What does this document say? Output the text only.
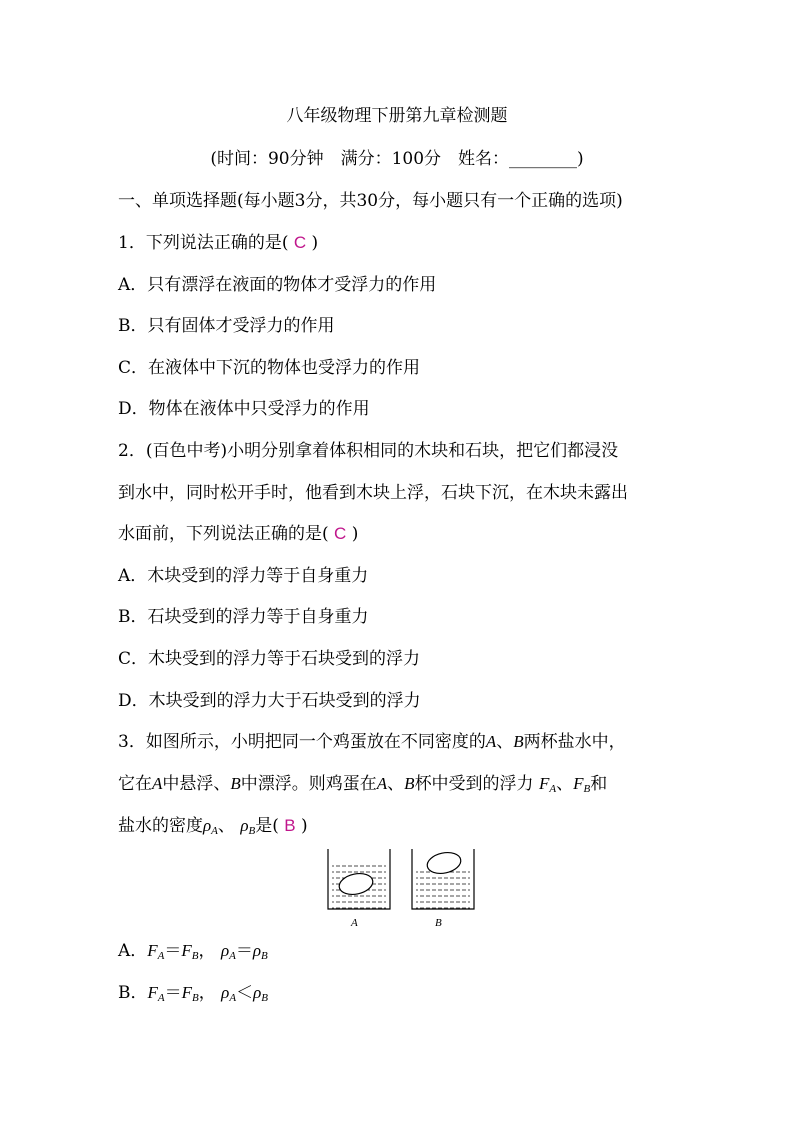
八年级物理下册第九章检测题
(时间：90分钟　满分：100分　姓名：________)
一、单项选择题(每小题3分，共30分，每小题只有一个正确的选项)
1．下列说法正确的是( C )
A．只有漂浮在液面的物体才受浮力的作用
B．只有固体才受浮力的作用
C．在液体中下沉的物体也受浮力的作用
D．物体在液体中只受浮力的作用
2．(百色中考)小明分别拿着体积相同的木块和石块，把它们都浸没
到水中，同时松开手时，他看到木块上浮，石块下沉，在木块未露出
水面前，下列说法正确的是( C )
A．木块受到的浮力等于自身重力
B．石块受到的浮力等于自身重力
C．木块受到的浮力等于石块受到的浮力
D．木块受到的浮力大于石块受到的浮力
3．如图所示，小明把同一个鸡蛋放在不同密度的A、B两杯盐水中，
它在A中悬浮、B中漂浮。则鸡蛋在A、B杯中受到的浮力 $F_A$、$F_B$和
盐水的密度$\rho_A$、 $\rho_B$是( B )
A	B
A．$F_A=F_B$， $\rho_A=\rho_B$
B．$F_A=F_B$， $\rho_A<\rho_B$
